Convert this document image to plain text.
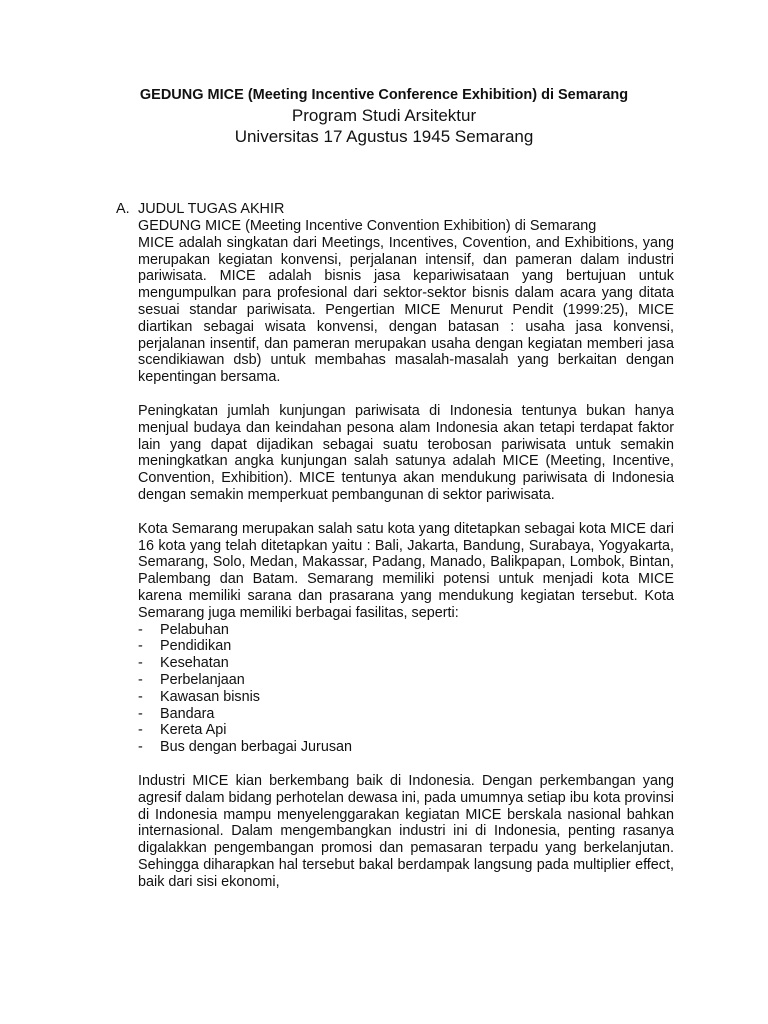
GEDUNG MICE (Meeting Incentive Conference Exhibition) di Semarang
Program Studi Arsitektur
Universitas 17 Agustus 1945 Semarang
A. JUDUL TUGAS AKHIR
GEDUNG MICE (Meeting Incentive Convention Exhibition) di Semarang

MICE adalah singkatan dari Meetings, Incentives, Covention, and Exhibitions, yang merupakan kegiatan konvensi, perjalanan intensif, dan pameran dalam industri pariwisata. MICE adalah bisnis jasa kepariwisataan yang bertujuan untuk mengumpulkan para profesional dari sektor-sektor bisnis dalam acara yang ditata sesuai standar pariwisata. Pengertian MICE Menurut Pendit (1999:25), MICE diartikan sebagai wisata konvensi, dengan batasan : usaha jasa konvensi, perjalanan insentif, dan pameran merupakan usaha dengan kegiatan memberi jasa scendikiawan dsb) untuk membahas masalah-masalah yang berkaitan dengan kepentingan bersama.

Peningkatan jumlah kunjungan pariwisata di Indonesia tentunya bukan hanya menjual budaya dan keindahan pesona alam Indonesia akan tetapi terdapat faktor lain yang dapat dijadikan sebagai suatu terobosan pariwisata untuk semakin meningkatkan angka kunjungan salah satunya adalah MICE (Meeting, Incentive, Convention, Exhibition). MICE tentunya akan mendukung pariwisata di Indonesia dengan semakin memperkuat pembangunan di sektor pariwisata.

Kota Semarang merupakan salah satu kota yang ditetapkan sebagai kota MICE dari 16 kota yang telah ditetapkan yaitu : Bali, Jakarta, Bandung, Surabaya, Yogyakarta, Semarang, Solo, Medan, Makassar, Padang, Manado, Balikpapan, Lombok, Bintan, Palembang dan Batam. Semarang memiliki potensi untuk menjadi kota MICE karena memiliki sarana dan prasarana yang mendukung kegiatan tersebut. Kota Semarang juga memiliki berbagai fasilitas, seperti:

-	Pelabuhan
-	Pendidikan
-	Kesehatan
-	Perbelanjaan
-	Kawasan bisnis
-	Bandara
-	Kereta Api
-	Bus dengan berbagai Jurusan

Industri MICE kian berkembang baik di Indonesia. Dengan perkembangan yang agresif dalam bidang perhotelan dewasa ini, pada umumnya setiap ibu kota provinsi di Indonesia mampu menyelenggarakan kegiatan MICE berskala nasional bahkan internasional. Dalam mengembangkan industri ini di Indonesia, penting rasanya digalakkan pengembangan promosi dan pemasaran terpadu yang berkelanjutan. Sehingga diharapkan hal tersebut bakal berdampak langsung pada multiplier effect, baik dari sisi ekonomi,
